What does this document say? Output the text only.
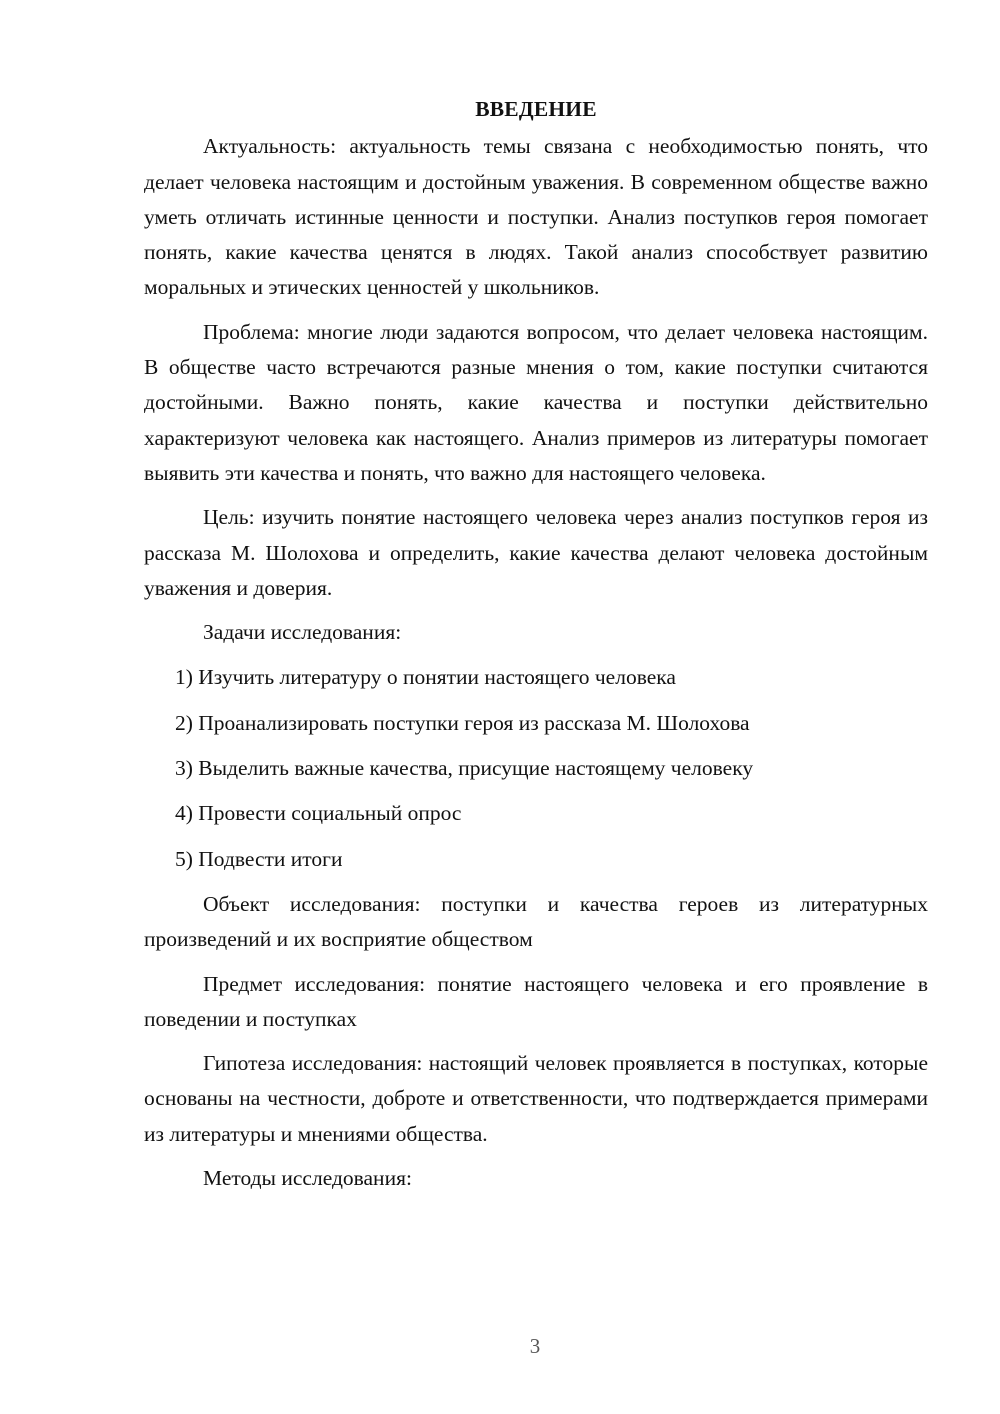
ВВЕДЕНИЕ

Актуальность: актуальность темы связана с необходимостью понять, что делает человека настоящим и достойным уважения. В современном обществе важно уметь отличать истинные ценности и поступки. Анализ поступков героя помогает понять, какие качества ценятся в людях. Такой анализ способствует развитию моральных и этических ценностей у школьников.

Проблема: многие люди задаются вопросом, что делает человека настоящим. В обществе часто встречаются разные мнения о том, какие поступки считаются достойными. Важно понять, какие качества и поступки действительно характеризуют человека как настоящего. Анализ примеров из литературы помогает выявить эти качества и понять, что важно для настоящего человека.

Цель: изучить понятие настоящего человека через анализ поступков героя из рассказа М. Шолохова и определить, какие качества делают человека достойным уважения и доверия.

Задачи исследования:

1) Изучить литературу о понятии настоящего человека
2) Проанализировать поступки героя из рассказа М. Шолохова
3) Выделить важные качества, присущие настоящему человеку
4) Провести социальный опрос
5) Подвести итоги

Объект исследования: поступки и качества героев из литературных произведений и их восприятие обществом

Предмет исследования: понятие настоящего человека и его проявление в поведении и поступках

Гипотеза исследования: настоящий человек проявляется в поступках, которые основаны на честности, доброте и ответственности, что подтверждается примерами из литературы и мнениями общества.

Методы исследования:

3
